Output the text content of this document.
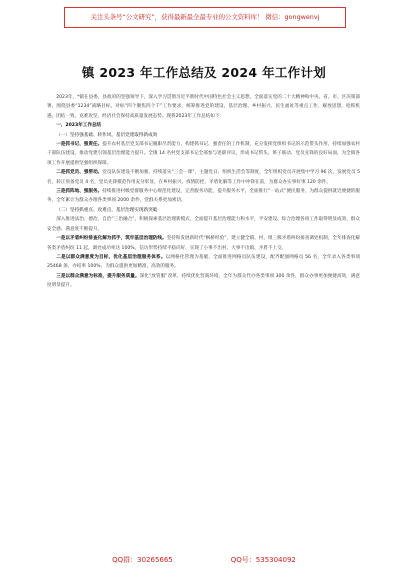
关注头条号“公文研究”，获得最新最全最专业的公文资料库！ 微信：gongwenvj
镇 2023 年工作总结及 2024 年工作计划

2023年，*镇在县委、县政府的坚强领导下，深入学习贯彻习近平新时代中国特色社会主义思想，全面落实党的二十大精神和中央、省、市、区决策部署，围绕县委“1234”战略目标，对标“四个聚焦四个千”工作要求，统筹推进党的建设、基层治理、乡村振兴、民生福祉等重点工作，解放思想，抢抓机遇，团结一致，克难攻坚，经济社会保持高质量发展态势。现将2023年工作总结如下：

一、2023年工作总结

（一）坚持强基础、转作风，基层党建取得新成效

一是抓书记、强责任。提升农村基层党支部书记履职尽责能力，构建抓书记、强责任的工作机制，充分发挥党组织书记的示范带头作用，持续加强农村干部队伍建设，推动党建引领基层治理能力提升。全镇 14 名村党支部书记全部参与述职评议，形成书记带头、班子联动、党员先锋的良好局面，为全镇各项工作开展提供坚强组织保障。

二是抓党员、强带动。党员队伍建设不断加强，持续落实“三会一课”、主题党日、组织生活会等制度，全年组织党员开展集中学习 96 次，发展党员 5 名，转正预备党员 4 名，党员先锋模范作用充分彰显，在乡村振兴、疫情防控、矛盾化解等工作中冲锋在前，为群众办实事好事 120 余件。

三是抓阵地、强服务。持续推进村级党群服务中心规范化建设，完善服务功能，提升服务水平，全面推行“一站式”便民服务，为群众提供就近便捷的服务，全年累计为群众办理各类事项 2000 余件，党群关系更加密切。

（二）坚持抓重点、攻难点，基层治理实现新突破

深入推进法治、德治、自治“三治融合”，积极探索基层治理新模式，全面提升基层治理能力和水平，平安建设、综合治理各项工作取得明显成效，群众安全感、满意度不断提升。

一是以矛盾纠纷排查化解为抓手，筑牢基层治理防线。坚持和发展新时代“枫桥经验”，建立健全镇、村、组三级矛盾纠纷排查调处机制，全年排查化解各类矛盾纠纷 11 起，调处成功率达 100%，信访形势持续平稳向好，实现了小事不出村、大事不出镇、矛盾不上交。

二是以群众满意度为目标，优化基层治理服务体系。以网格化管理为基础，全面推进网格员队伍建设，配齐配强网格员 56 名，全年录入各类事项 25468 条，办结率 100%，为群众提供更加精准、高效的服务。

三是以群众满意为标准，提升服务质量。深化“放管服”改革，持续优化营商环境，全年为群众代办各类事项 300 余件，群众办事更加便捷高效，满意度明显提升。

QQ群：30265665	QQ号：535304092
